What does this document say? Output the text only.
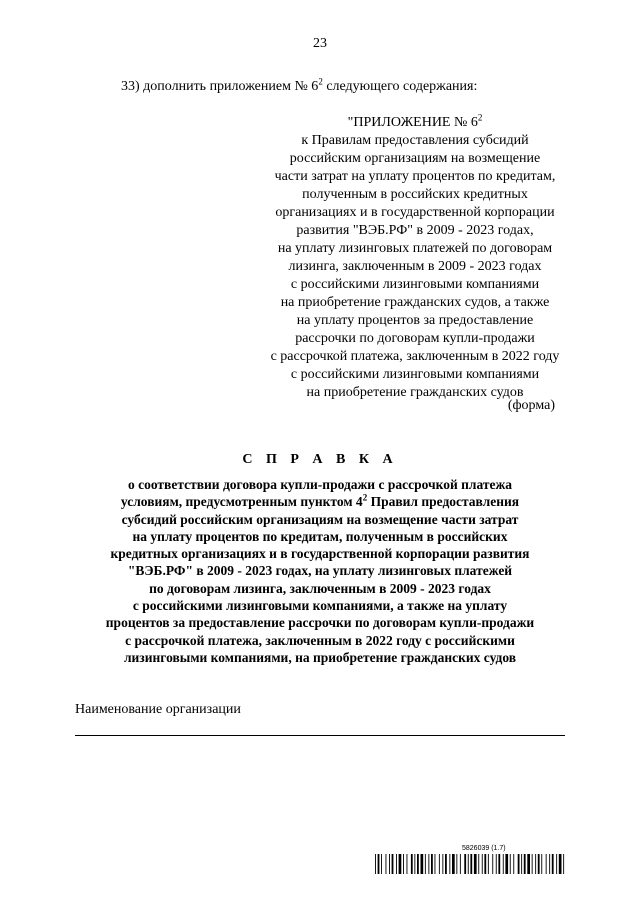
23
33) дополнить приложением № $6^2$ следующего содержания:
"ПРИЛОЖЕНИЕ № $6^2$
к Правилам предоставления субсидий
российским организациям на возмещение
части затрат на уплату процентов по кредитам,
полученным в российских кредитных
организациях и в государственной корпорации
развития "ВЭБ.РФ" в 2009 - 2023 годах,
на уплату лизинговых платежей по договорам
лизинга, заключенным в 2009 - 2023 годах
с российскими лизинговыми компаниями
на приобретение гражданских судов, а также
на уплату процентов за предоставление
рассрочки по договорам купли-продажи
с рассрочкой платежа, заключенным в 2022 году
с российскими лизинговыми компаниями
на приобретение гражданских судов
(форма)
С П Р А В К А
о соответствии договора купли-продажи с рассрочкой платежа
условиям, предусмотренным пунктом $4^2$ Правил предоставления
субсидий российским организациям на возмещение части затрат
на уплату процентов по кредитам, полученным в российских
кредитных организациях и в государственной корпорации развития
"ВЭБ.РФ" в 2009 - 2023 годах, на уплату лизинговых платежей
по договорам лизинга, заключенным в 2009 - 2023 годах
с российскими лизинговыми компаниями, а также на уплату
процентов за предоставление рассрочки по договорам купли-продажи
с рассрочкой платежа, заключенным в 2022 году с российскими
лизинговыми компаниями, на приобретение гражданских судов
Наименование организации
5826039 (1.7)
